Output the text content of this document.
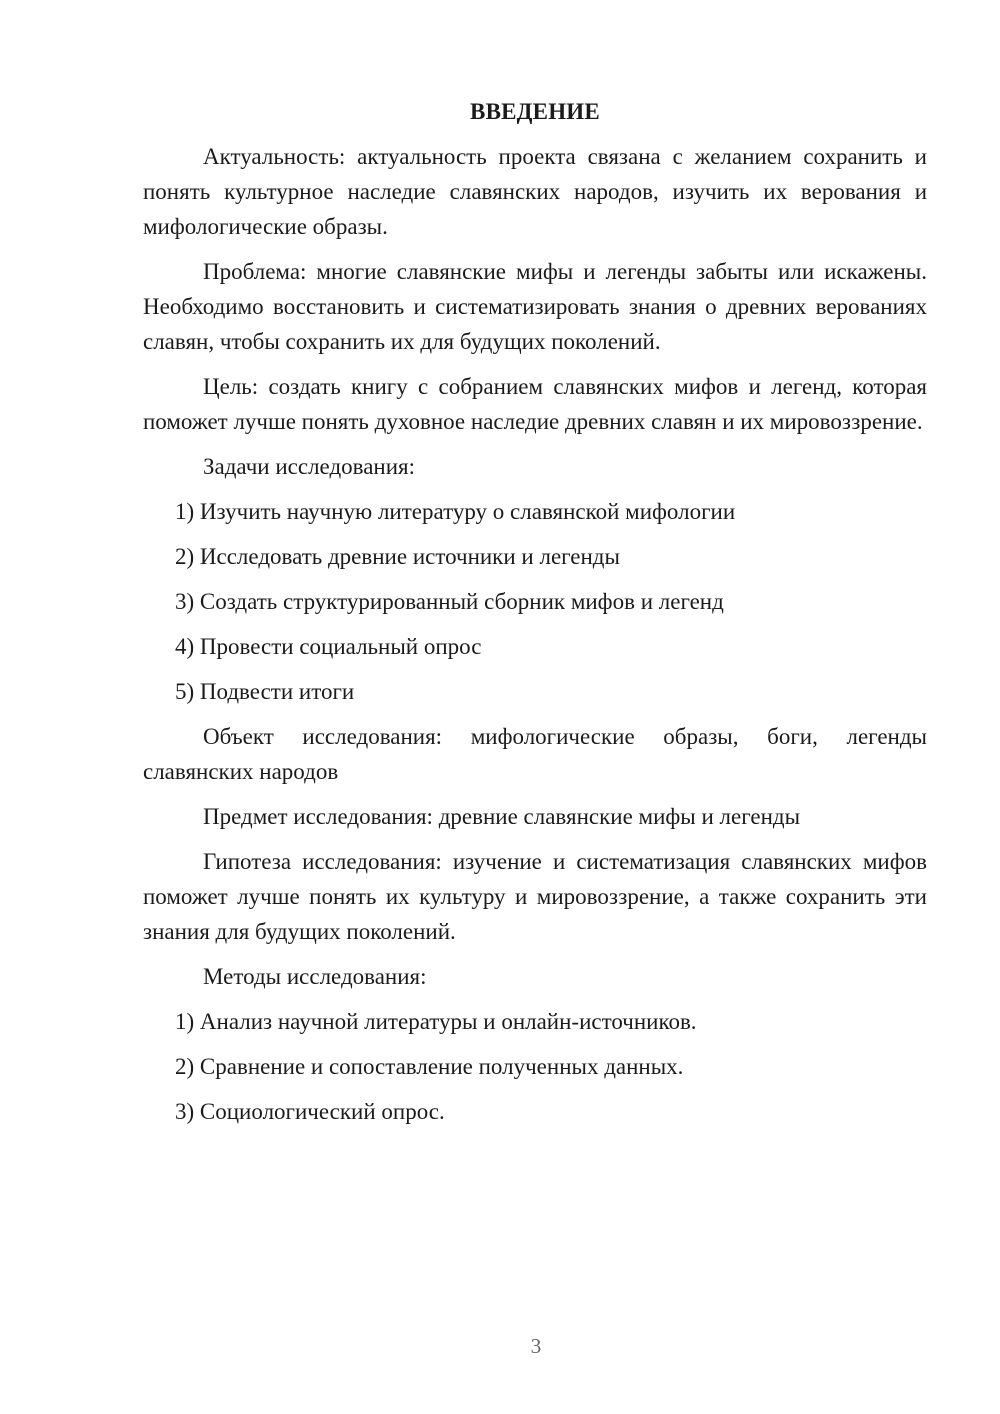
ВВЕДЕНИЕ

Актуальность: актуальность проекта связана с желанием сохранить и понять культурное наследие славянских народов, изучить их верования и мифологические образы.

Проблема: многие славянские мифы и легенды забыты или искажены. Необходимо восстановить и систематизировать знания о древних верованиях славян, чтобы сохранить их для будущих поколений.

Цель: создать книгу с собранием славянских мифов и легенд, которая поможет лучше понять духовное наследие древних славян и их мировоззрение.

Задачи исследования:

1) Изучить научную литературу о славянской мифологии
2) Исследовать древние источники и легенды
3) Создать структурированный сборник мифов и легенд
4) Провести социальный опрос
5) Подвести итоги

Объект исследования: мифологические образы, боги, легенды славянских народов

Предмет исследования: древние славянские мифы и легенды

Гипотеза исследования: изучение и систематизация славянских мифов поможет лучше понять их культуру и мировоззрение, а также сохранить эти знания для будущих поколений.

Методы исследования:

1) Анализ научной литературы и онлайн-источников.
2) Сравнение и сопоставление полученных данных.
3) Социологический опрос.
3
